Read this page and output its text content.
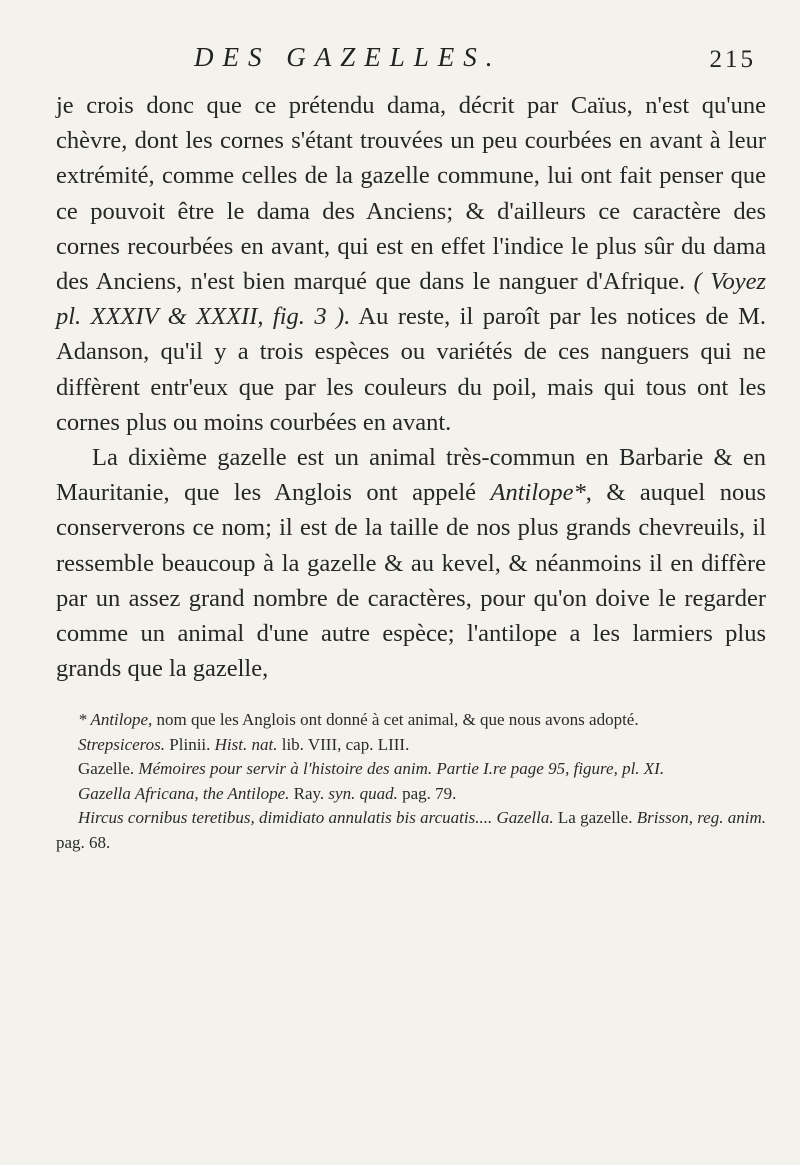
DES GAZELLES.	215

je crois donc que ce prétendu dama, décrit par Caïus, n'est qu'une chèvre, dont les cornes s'étant trouvées un peu courbées en avant à leur extrémité, comme celles de la gazelle commune, lui ont fait penser que ce pouvoit être le dama des Anciens; & d'ailleurs ce caractère des cornes recourbées en avant, qui est en effet l'indice le plus sûr du dama des Anciens, n'est bien marqué que dans le nanguer d'Afrique. ( Voyez pl. XXXIV & XXXII, fig. 3 ). Au reste, il paroît par les notices de M. Adanson, qu'il y a trois espèces ou variétés de ces nanguers qui ne diffèrent entr'eux que par les couleurs du poil, mais qui tous ont les cornes plus ou moins courbées en avant.

La dixième gazelle est un animal très-commun en Barbarie & en Mauritanie, que les Anglois ont appelé Antilope*, & auquel nous conserverons ce nom; il est de la taille de nos plus grands chevreuils, il ressemble beaucoup à la gazelle & au kevel, & néanmoins il en diffère par un assez grand nombre de caractères, pour qu'on doive le regarder comme un animal d'une autre espèce; l'antilope a les larmiers plus grands que la gazelle,

* Antilope, nom que les Anglois ont donné à cet animal, & que nous avons adopté.

Strepsiceros. Plinii. Hist. nat. lib. VIII, cap. LIII.

Gazelle. Mémoires pour servir à l'histoire des anim. Partie I.re page 95, figure, pl. XI.

Gazella Africana, the Antilope. Ray. syn. quad. pag. 79.

Hircus cornibus teretibus, dimidiato annulatis bis arcuatis.... Gazella. La gazelle. Brisson, reg. anim. pag. 68.
